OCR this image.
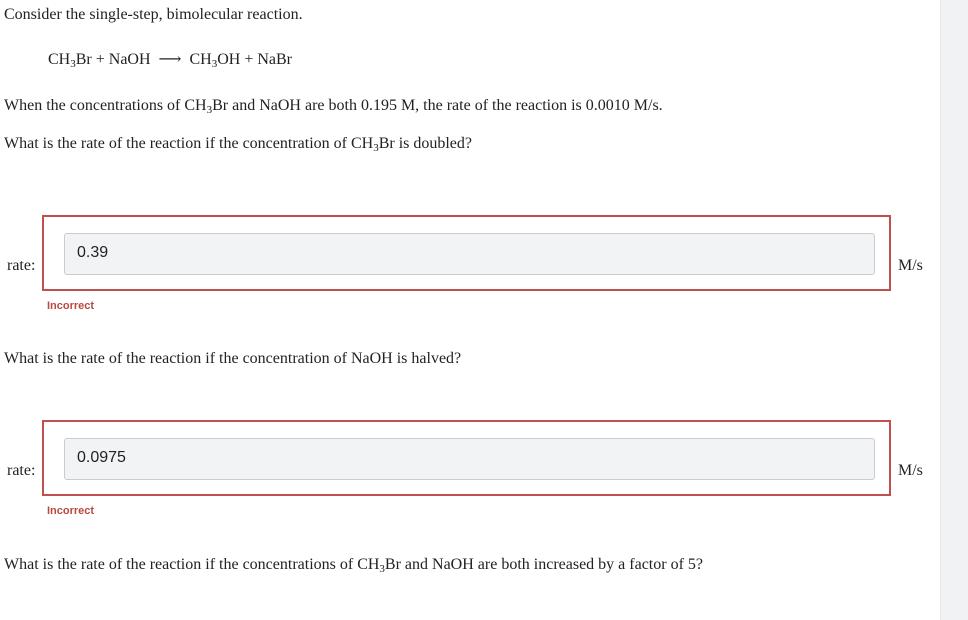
Consider the single-step, bimolecular reaction.
$CH_3Br$ + NaOH ⟶ $CH_3OH$ + NaBr
When the concentrations of $CH_3Br$ and NaOH are both 0.195 M, the rate of the reaction is 0.0010 M/s.
What is the rate of the reaction if the concentration of $CH_3Br$ is doubled?
rate:
0.39
M/s
Incorrect
What is the rate of the reaction if the concentration of NaOH is halved?
rate:
0.0975
M/s
Incorrect
What is the rate of the reaction if the concentrations of $CH_3Br$ and NaOH are both increased by a factor of 5?
